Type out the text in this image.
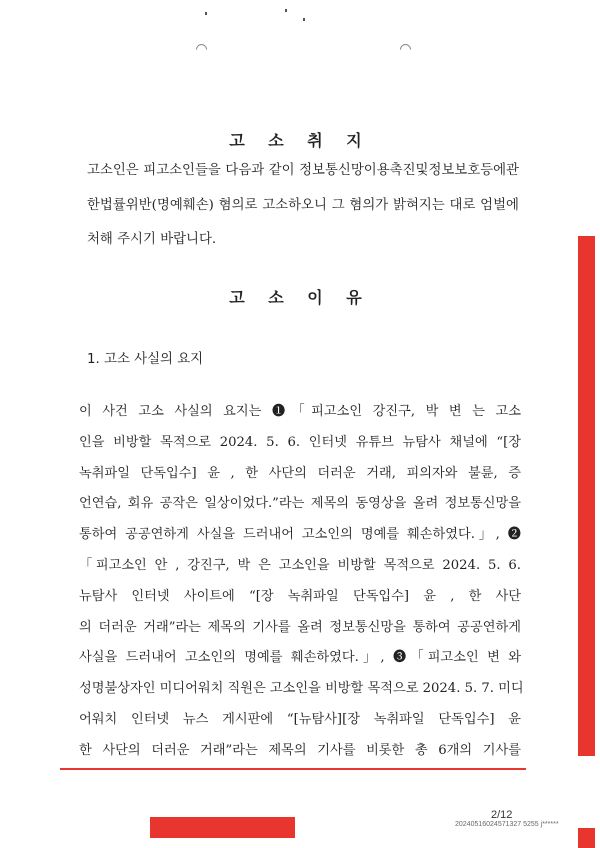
고 소 취 지
고소인은 피고소인들을 다음과 같이 정보통신망이용촉진및정보보호등에관
한법률위반(명예훼손) 혐의로 고소하오니 그 혐의가 밝혀지는 대로 엄벌에
처해 주시기 바랍니다.
고 소 이 유
1. 고소 사실의 요지
이 사건 고소 사실의 요지는 ❶「피고소인 강진구, 박 변 는 고소
인을 비방할 목적으로 2024. 5. 6. 인터넷 유튜브 뉴탐사 채널에 “[장
녹취파일 단독입수] 윤 , 한 사단의 더러운 거래, 피의자와 불륜, 증
언연습, 회유 공작은 일상이었다.”라는 제목의 동영상을 올려 정보통신망을
통하여 공공연하게 사실을 드러내어 고소인의 명예를 훼손하였다.」, ❷
「피고소인 안 , 강진구, 박 은 고소인을 비방할 목적으로 2024. 5. 6.
뉴탐사 인터넷 사이트에 “[장 녹취파일 단독입수] 윤 , 한 사단
의 더러운 거래”라는 제목의 기사를 올려 정보통신망을 통하여 공공연하게
사실을 드러내어 고소인의 명예를 훼손하였다.」, ❸「피고소인 변 와
성명불상자인 미디어워치 직원은 고소인을 비방할 목적으로 2024. 5. 7. 미디
어워치 인터넷 뉴스 게시판에 “[뉴탐사][장 녹취파일 단독입수] 윤
한 사단의 더러운 거래”라는 제목의 기사를 비롯한 총 6개의 기사를
2/12
20240516024571327 5255 j******
